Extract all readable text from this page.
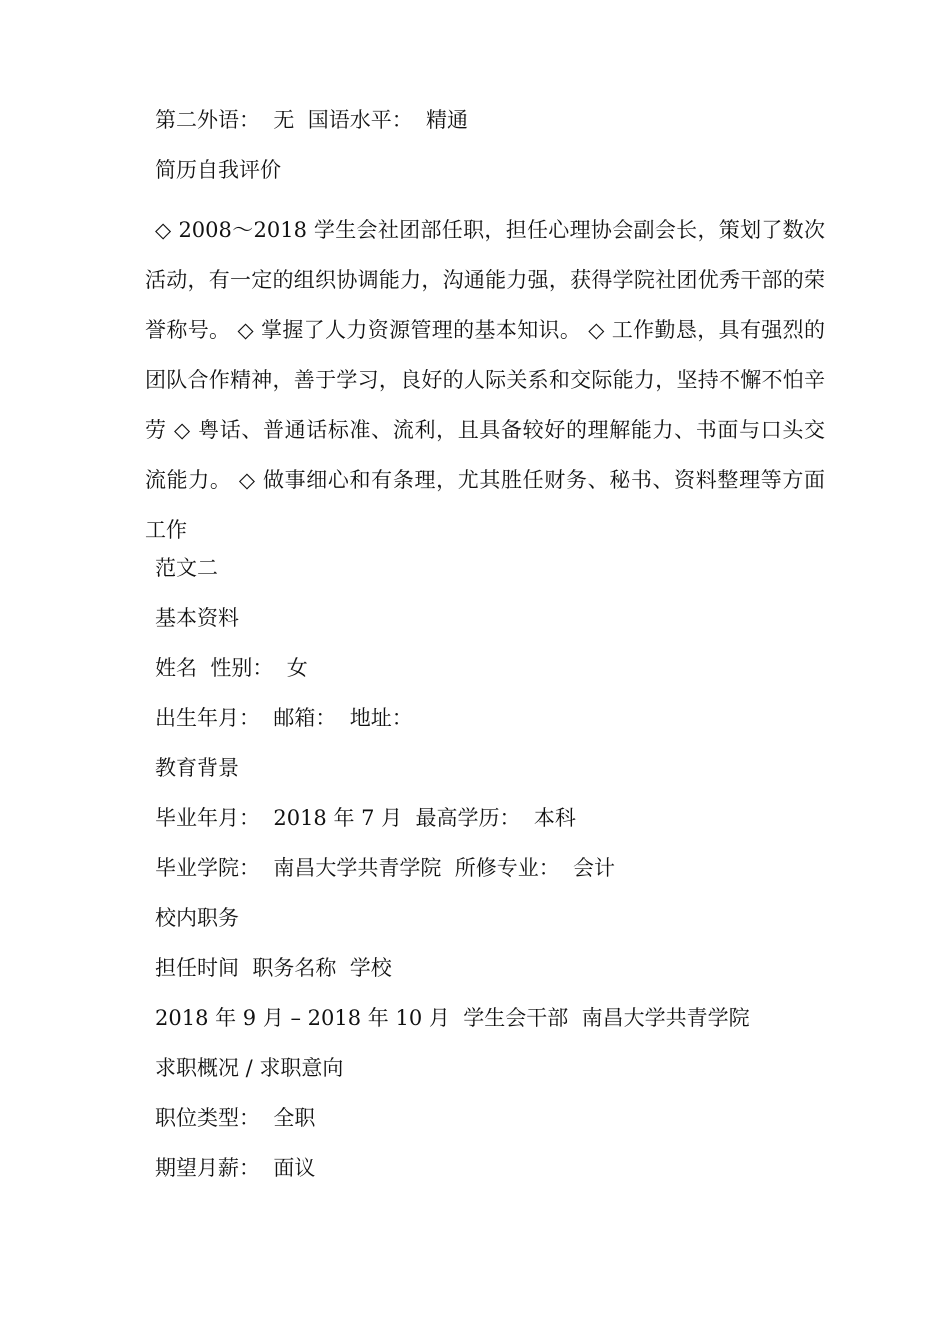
第二外语：  无  国语水平：  精通
简历自我评价
◇ 2008～2018 学生会社团部任职，担任心理协会副会长，策划了数次活动，有一定的组织协调能力，沟通能力强，获得学院社团优秀干部的荣誉称号。 ◇ 掌握了人力资源管理的基本知识。 ◇ 工作勤恳，具有强烈的团队合作精神，善于学习，良好的人际关系和交际能力，坚持不懈不怕辛劳 ◇ 粤话、普通话标准、流利，且具备较好的理解能力、书面与口头交流能力。 ◇ 做事细心和有条理，尤其胜任财务、秘书、资料整理等方面工作
范文二
基本资料
姓名  性别：  女
出生年月：  邮箱：  地址：
教育背景
毕业年月：  2018 年 7 月  最高学历：  本科
毕业学院：  南昌大学共青学院  所修专业：  会计
校内职务
担任时间  职务名称  学校
2018 年 9 月 – 2018 年 10 月  学生会干部  南昌大学共青学院
求职概况 / 求职意向
职位类型：  全职
期望月薪：  面议
